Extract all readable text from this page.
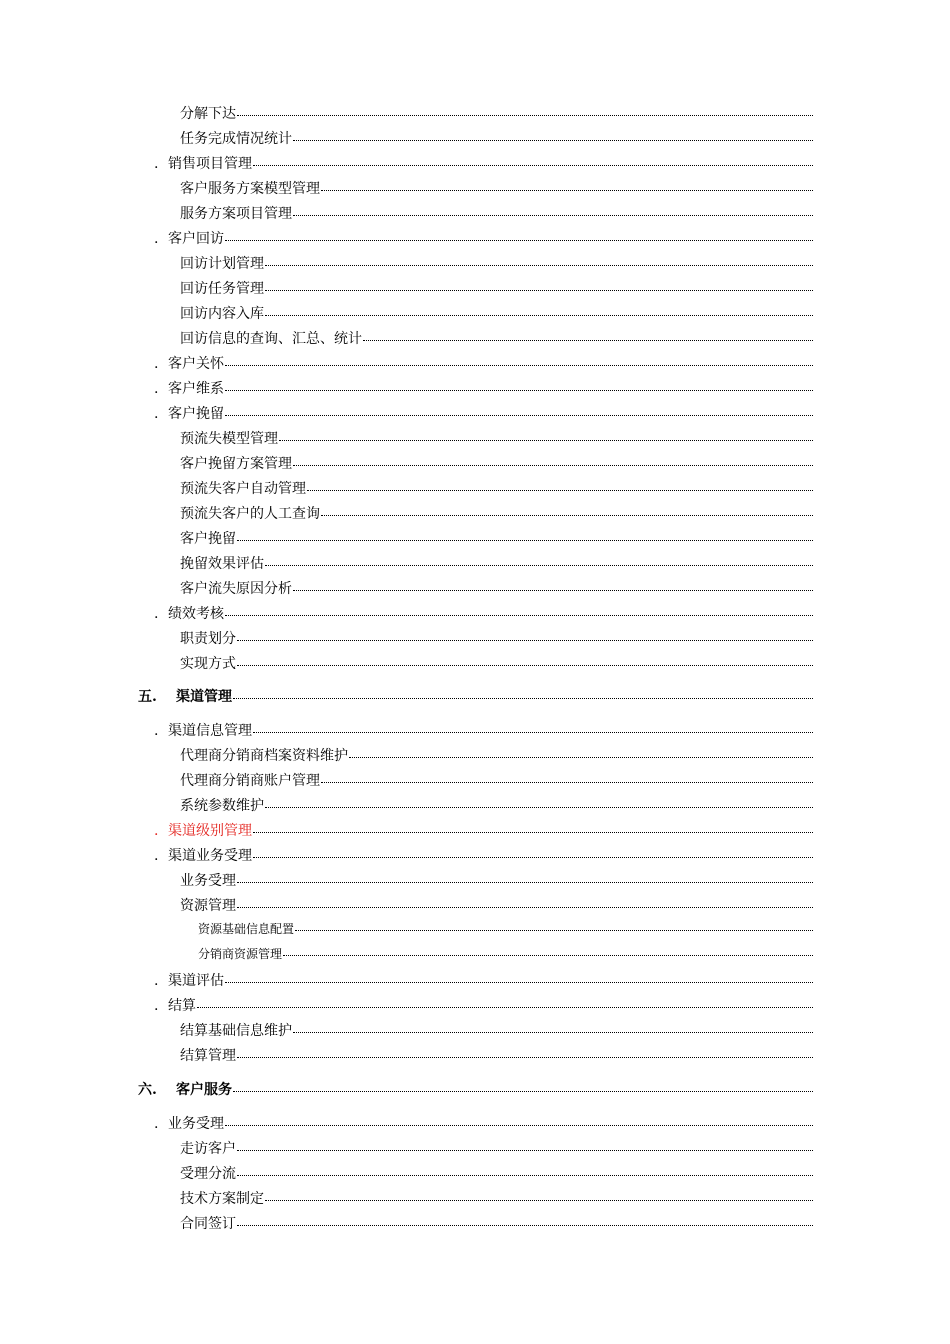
分解下达
任务完成情况统计
. 销售项目管理
客户服务方案模型管理
服务方案项目管理
. 客户回访
回访计划管理
回访任务管理
回访内容入库
回访信息的查询、汇总、统计
. 客户关怀
. 客户维系
. 客户挽留
预流失模型管理
客户挽留方案管理
预流失客户自动管理
预流失客户的人工查询
客户挽留
挽留效果评估
客户流失原因分析
. 绩效考核
职责划分
实现方式
五.	渠道管理
. 渠道信息管理
代理商分销商档案资料维护
代理商分销商账户管理
系统参数维护
. 渠道级别管理
. 渠道业务受理
业务受理
资源管理
资源基础信息配置
分销商资源管理
. 渠道评估
. 结算
结算基础信息维护
结算管理
六.	客户服务
. 业务受理
走访客户
受理分流
技术方案制定
合同签订
